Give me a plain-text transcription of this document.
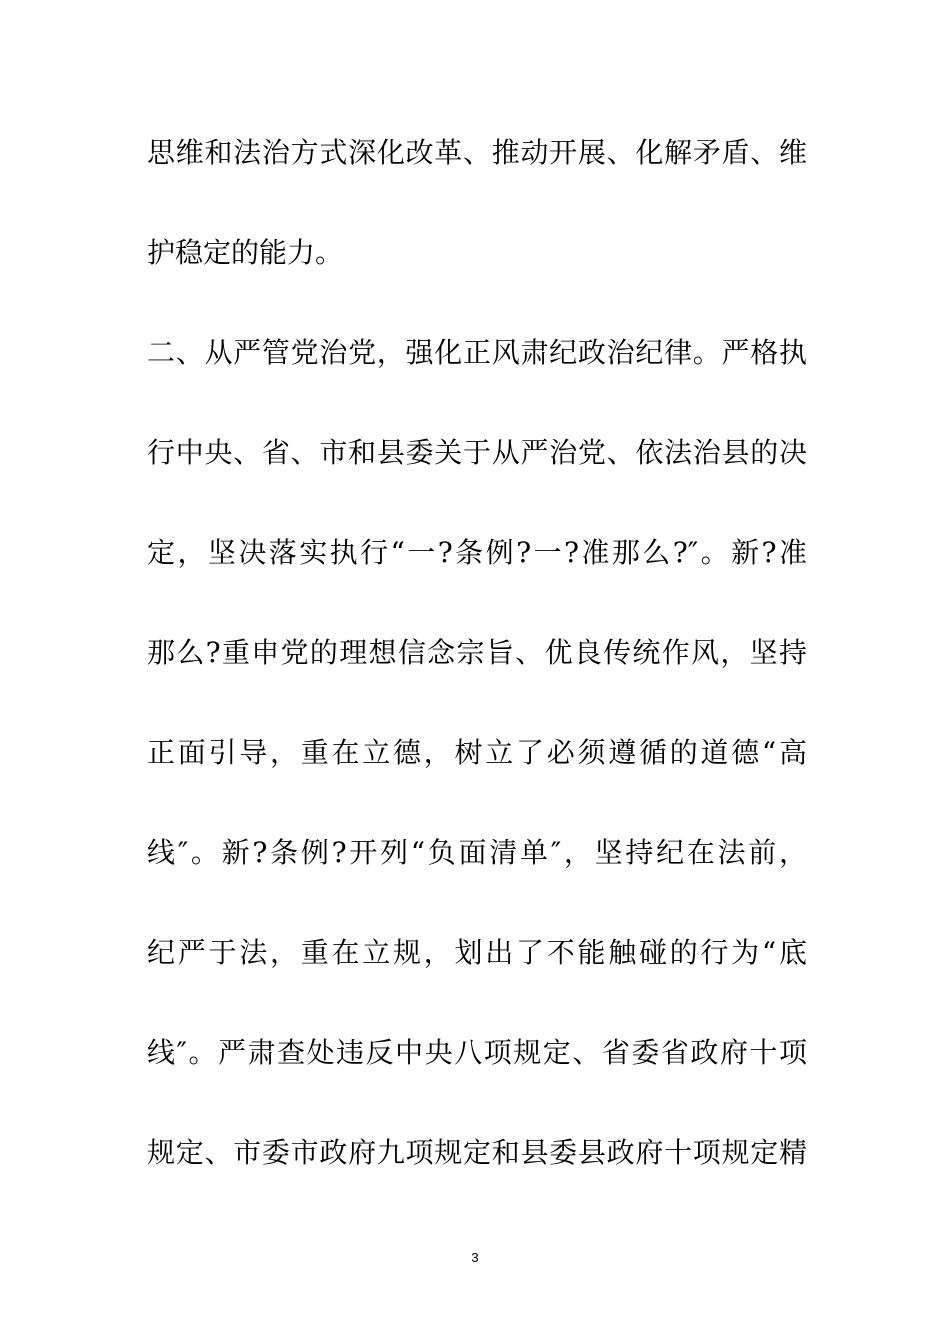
思维和法治方式深化改革、推动开展、化解矛盾、维
护稳定的能力。
二、从严管党治党，强化正风肃纪政治纪律。严格执
行中央、省、市和县委关于从严治党、依法治县的决
定，坚决落实执行“一?条例?一?准那么?″。新?准
那么?重申党的理想信念宗旨、优良传统作风，坚持
正面引导，重在立德，树立了必须遵循的道德“高
线″。新?条例?开列“负面清单″，坚持纪在法前，
纪严于法，重在立规，划出了不能触碰的行为“底
线″。严肃查处违反中央八项规定、省委省政府十项
规定、市委市政府九项规定和县委县政府十项规定精
3
